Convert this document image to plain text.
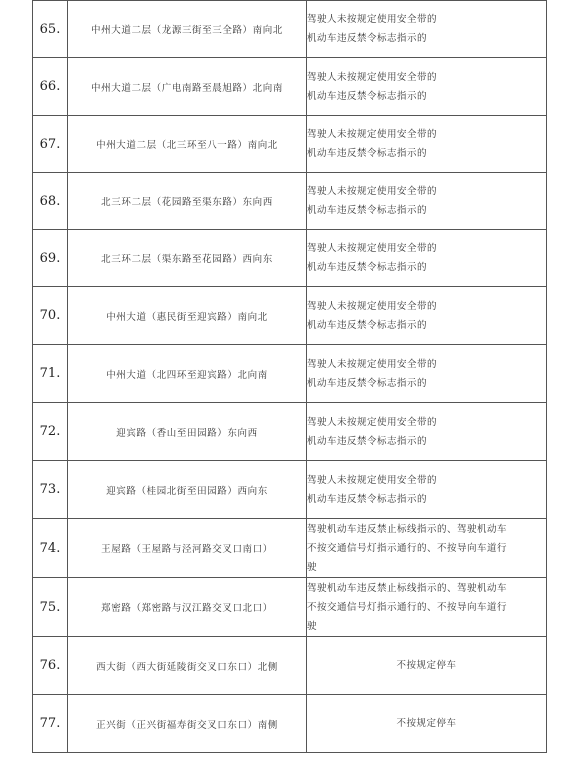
65.	中州大道二层（龙源三街至三全路）南向北	驾驶人未按规定使用安全带的
机动车违反禁令标志指示的

66.	中州大道二层（广电南路至晨旭路）北向南	驾驶人未按规定使用安全带的
机动车违反禁令标志指示的

67.	中州大道二层（北三环至八一路）南向北	驾驶人未按规定使用安全带的
机动车违反禁令标志指示的

68.	北三环二层（花园路至渠东路）东向西	驾驶人未按规定使用安全带的
机动车违反禁令标志指示的

69.	北三环二层（渠东路至花园路）西向东	驾驶人未按规定使用安全带的
机动车违反禁令标志指示的

70.	中州大道（惠民街至迎宾路）南向北	驾驶人未按规定使用安全带的
机动车违反禁令标志指示的

71.	中州大道（北四环至迎宾路）北向南	驾驶人未按规定使用安全带的
机动车违反禁令标志指示的

72.	迎宾路（香山至田园路）东向西	驾驶人未按规定使用安全带的
机动车违反禁令标志指示的

73.	迎宾路（桂园北街至田园路）西向东	驾驶人未按规定使用安全带的
机动车违反禁令标志指示的

74.	王屋路（王屋路与泾河路交叉口南口）	驾驶机动车违反禁止标线指示的、驾驶机动车
不按交通信号灯指示通行的、不按导向车道行
驶

75.	郑密路（郑密路与汉江路交叉口北口）	驾驶机动车违反禁止标线指示的、驾驶机动车
不按交通信号灯指示通行的、不按导向车道行
驶

76.	西大街（西大街延陵街交叉口东口）北侧	不按规定停车

77.	正兴街（正兴街福寿街交叉口东口）南侧	不按规定停车
